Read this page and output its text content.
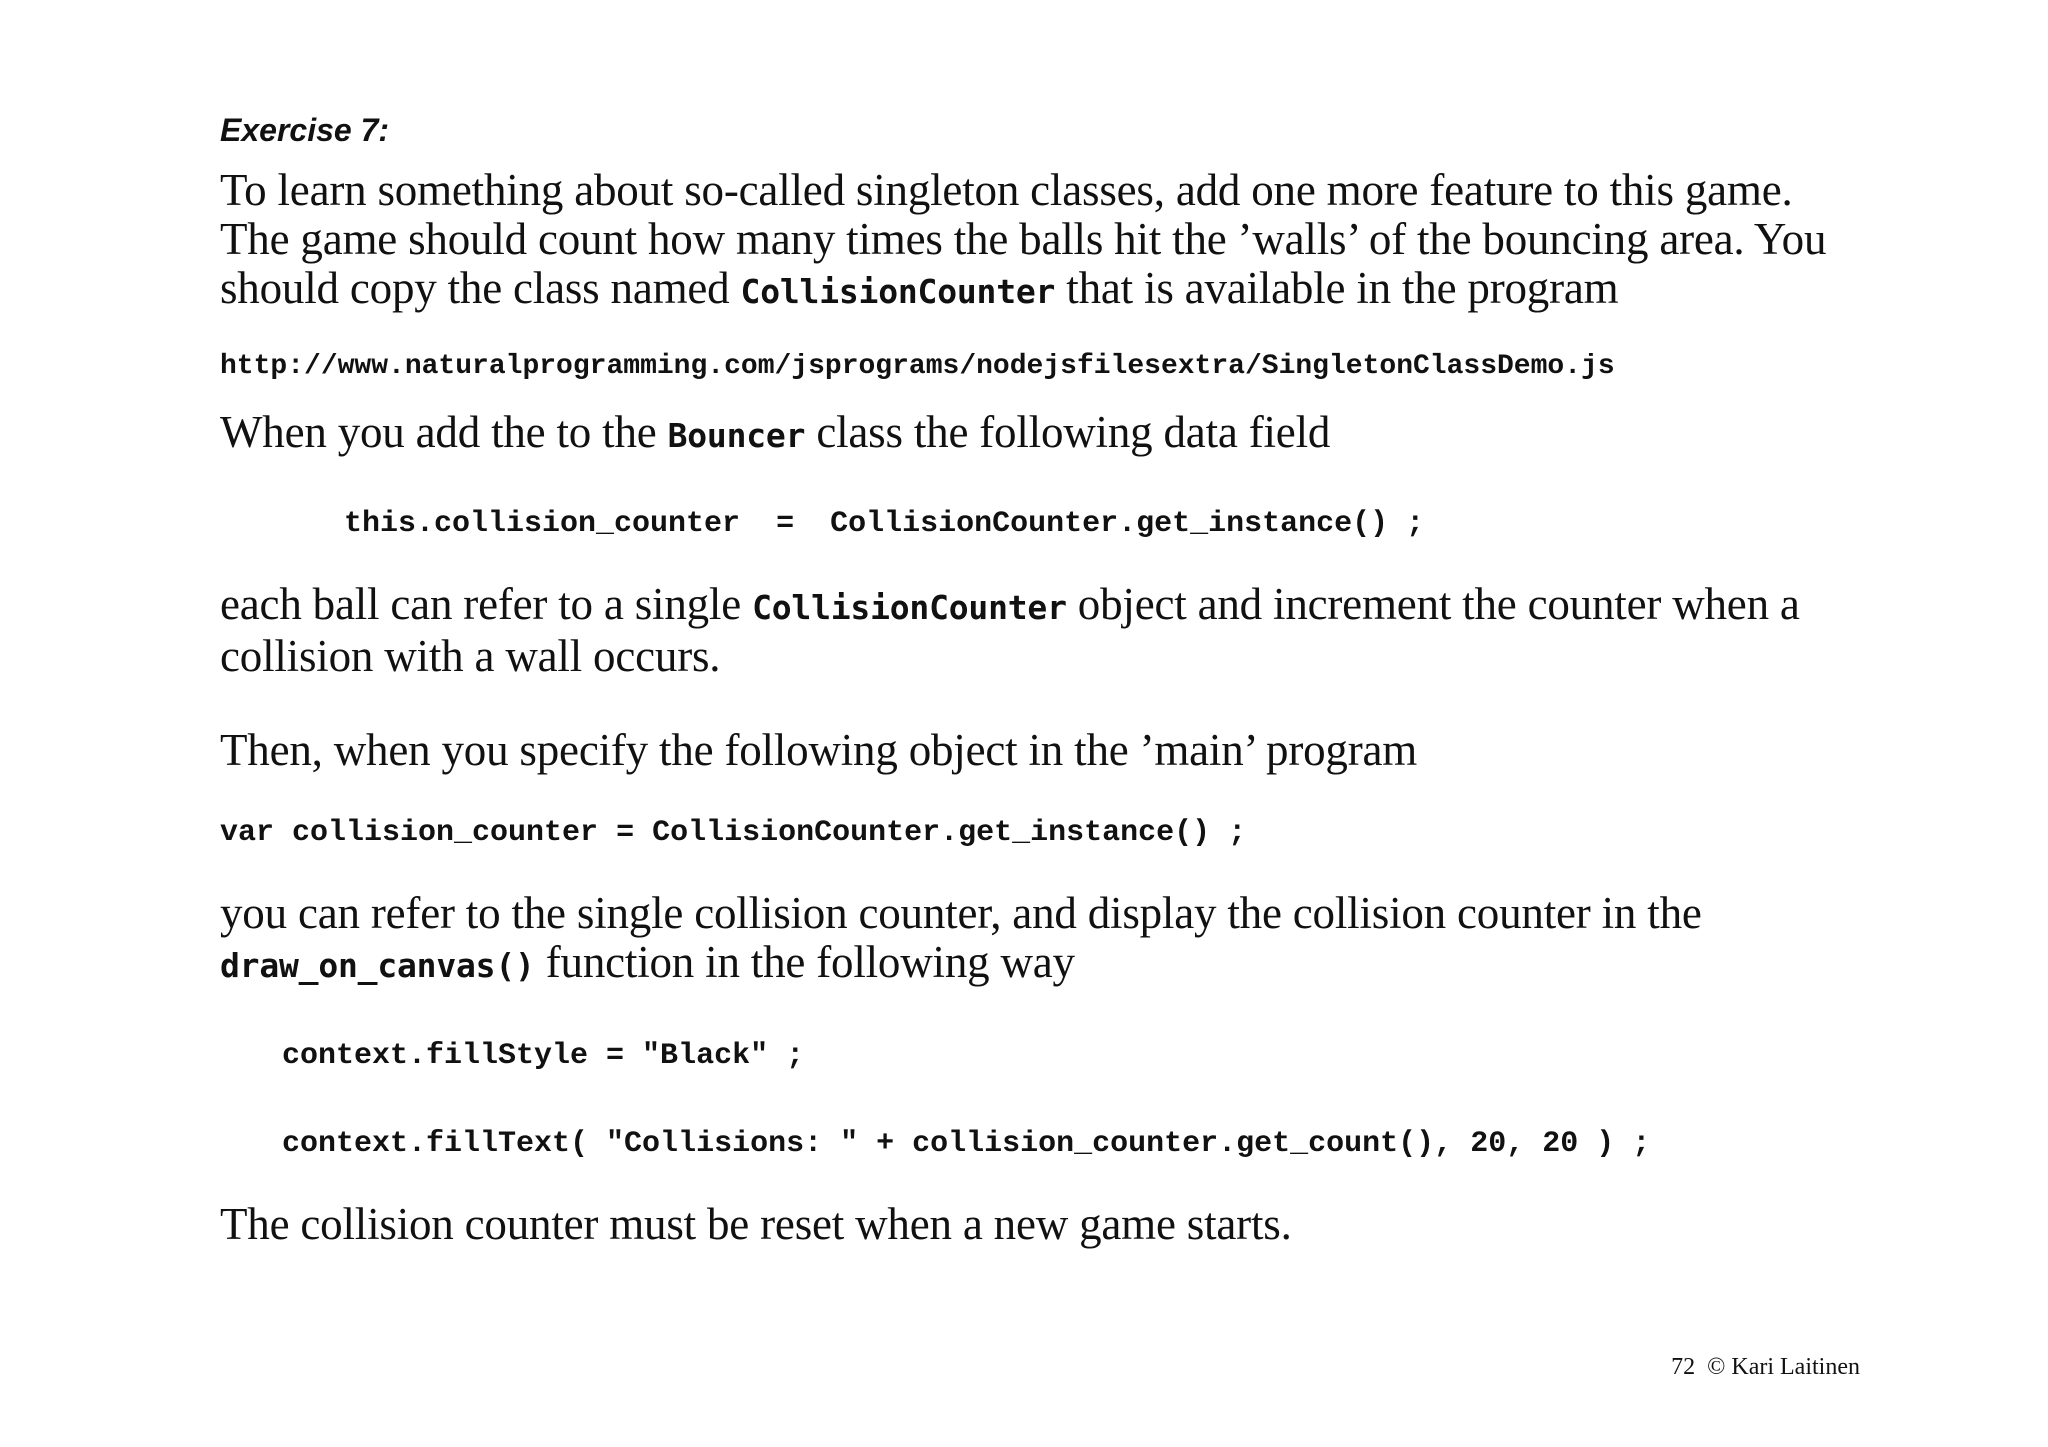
Exercise 7:

To learn something about so-called singleton classes, add one more feature to this game. The game should count how many times the balls hit the ’walls’ of the bouncing area. You should copy the class named CollisionCounter that is available in the program

http://www.naturalprogramming.com/jsprograms/nodejsfilesextra/SingletonClassDemo.js

When you add the to the Bouncer class the following data field

this.collision_counter  =  CollisionCounter.get_instance() ;

each ball can refer to a single CollisionCounter object and increment the counter when a collision with a wall occurs.

Then, when you specify the following object in the ’main’ program

var collision_counter = CollisionCounter.get_instance() ;

you can refer to the single collision counter, and display the collision counter in the draw_on_canvas() function in the following way

context.fillStyle = "Black" ;

context.fillText( "Collisions: " + collision_counter.get_count(), 20, 20 ) ;

The collision counter must be reset when a new game starts.

72 © Kari Laitinen
